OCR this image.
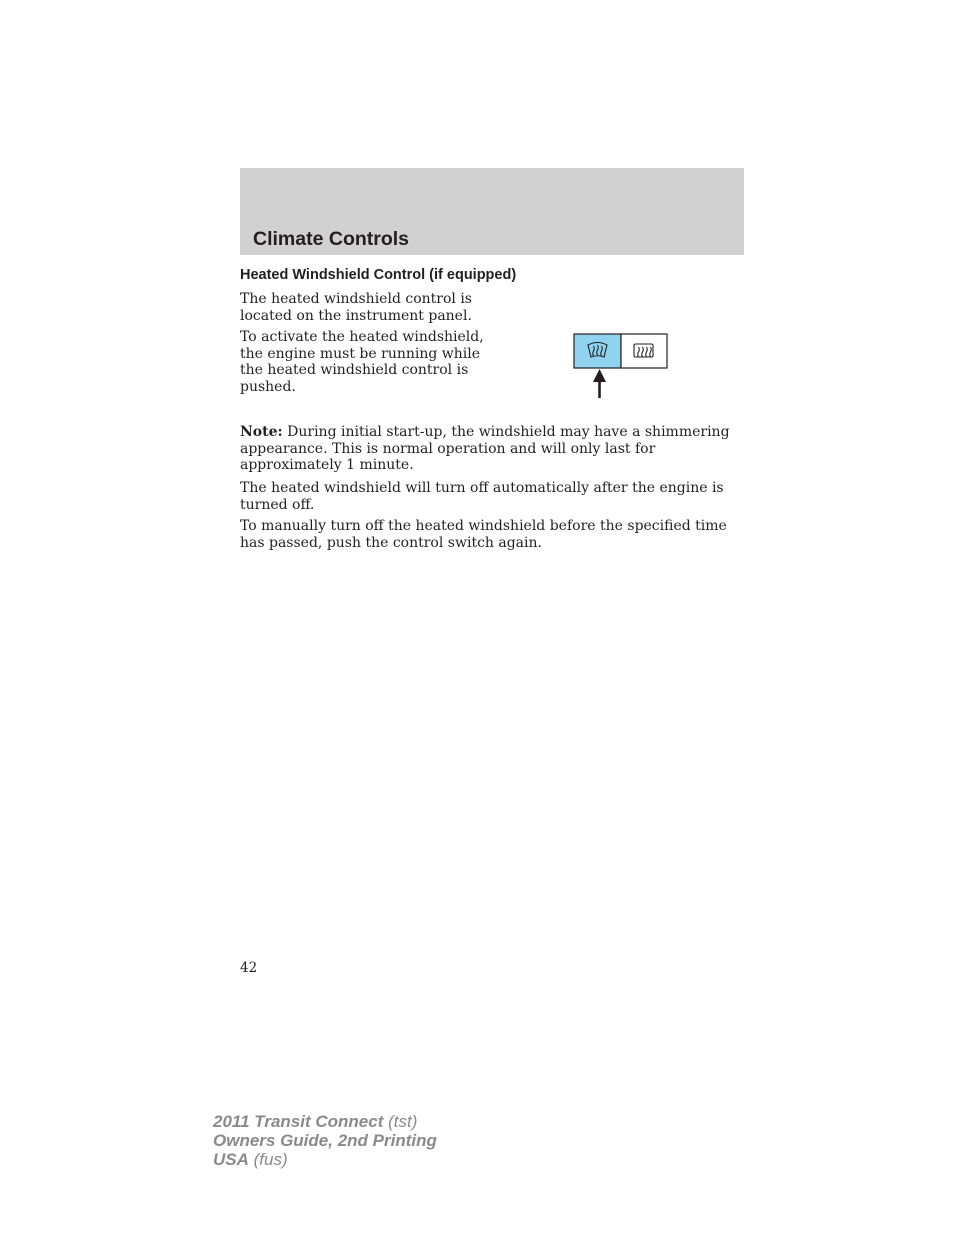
Climate Controls
Heated Windshield Control (if equipped)

The heated windshield control is located on the instrument panel.

To activate the heated windshield, the engine must be running while the heated windshield control is pushed.

Note: During initial start-up, the windshield may have a shimmering appearance. This is normal operation and will only last for approximately 1 minute.

The heated windshield will turn off automatically after the engine is turned off.

To manually turn off the heated windshield before the specified time has passed, push the control switch again.

42

2011 Transit Connect (tst)
Owners Guide, 2nd Printing
USA (fus)
